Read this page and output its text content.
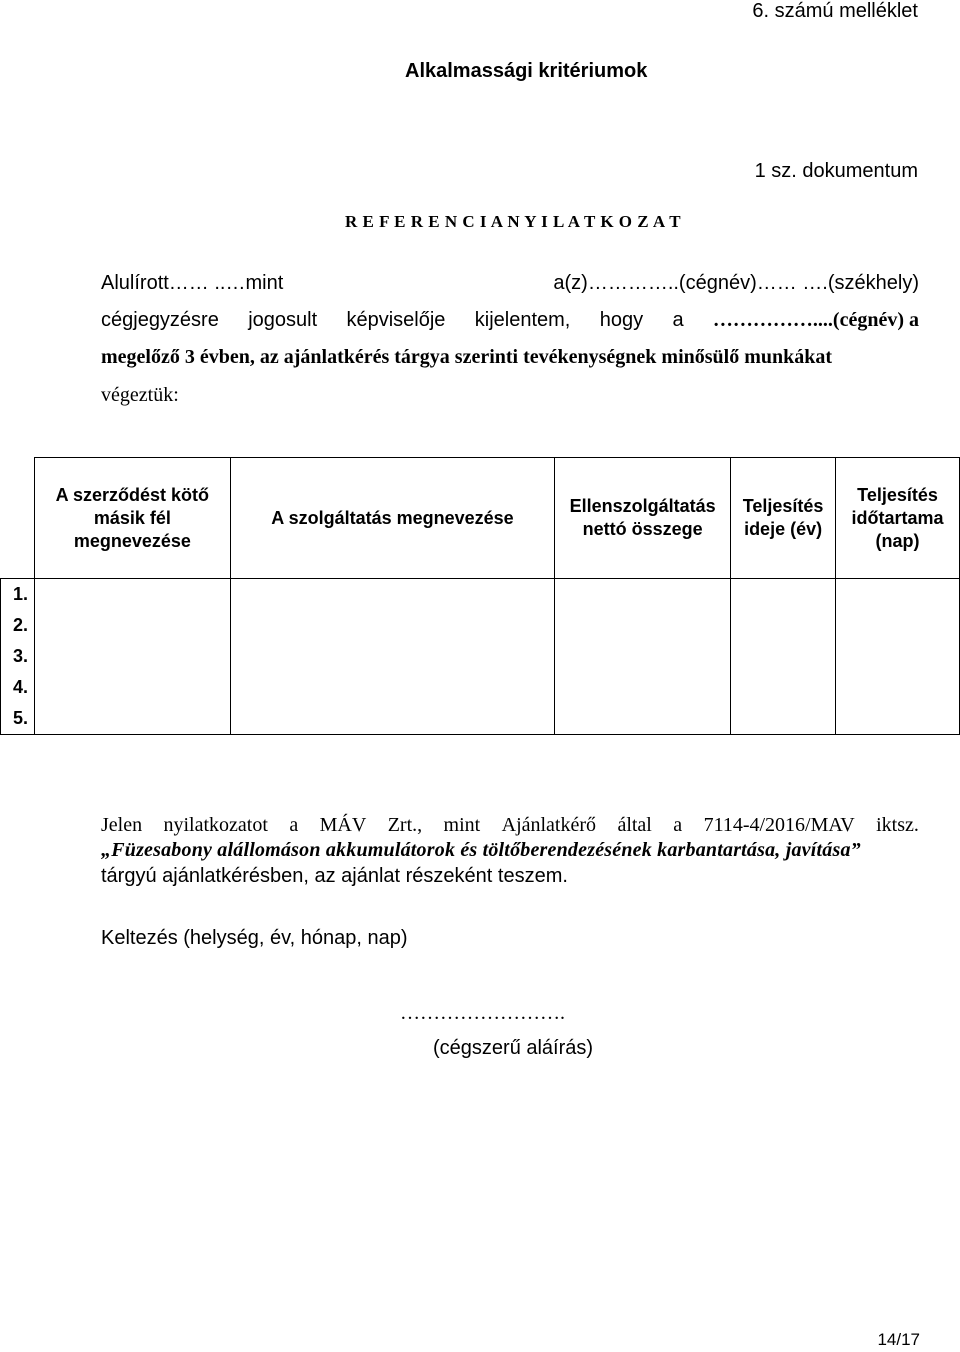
6. számú melléklet
Alkalmassági kritériumok
1 sz. dokumentum
R E F E R E N C I A N Y I L A T K O Z A T
Alulírott…… ..…mint	a(z)…………..(cégnév)…… ….(székhely)
cégjegyzésre jogosult képviselője kijelentem, hogy a ……………....(cégnév) a
megelőző 3 évben, az ajánlatkérés tárgya szerinti tevékenységnek minősülő munkákat
végeztük:
	A szerződést kötő másik fél megnevezése	A szolgáltatás megnevezése	Ellenszolgáltatás nettó összege	Teljesítés ideje (év)	Teljesítés időtartama (nap)
1.					
2.					
3.					
4.					
5.					
Jelen nyilatkozatot a MÁV Zrt., mint Ajánlatkérő által a 7114-4/2016/MAV iktsz.
„Füzesabony alállomáson akkumulátorok és töltőberendezésének karbantartása, javítása”
tárgyú ajánlatkérésben, az ajánlat részeként teszem.
Keltezés (helység, év, hónap, nap)
…………………….
(cégszerű aláírás)
14/17
